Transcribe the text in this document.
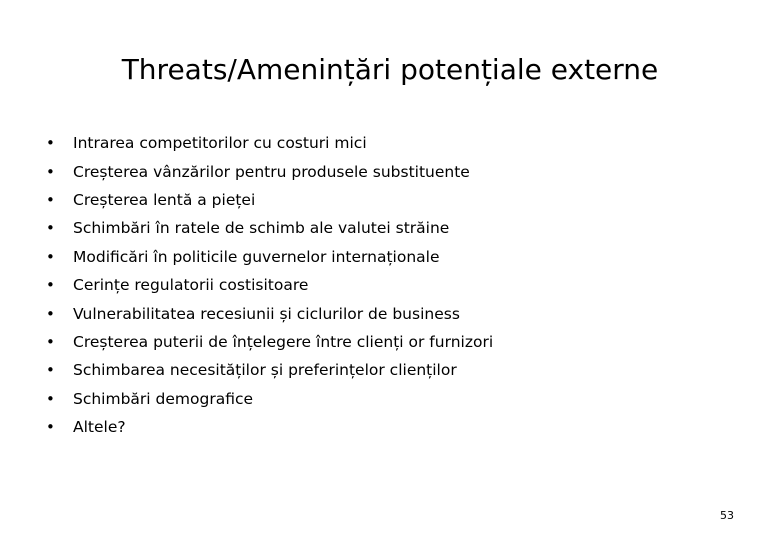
Threats/Amenințări potențiale externe
•	Intrarea competitorilor cu costuri mici
•	Creșterea vânzărilor pentru produsele substituente
•	Creșterea lentă a pieței
•	Schimbări în ratele de schimb ale valutei străine
•	Modificări în politicile guvernelor internaționale
•	Cerințe regulatorii costisitoare
•	Vulnerabilitatea recesiunii și ciclurilor de business
•	Creșterea puterii de înțelegere între clienți or furnizori
•	Schimbarea necesităților și preferințelor clienților
•	Schimbări demografice
•	Altele?
53
